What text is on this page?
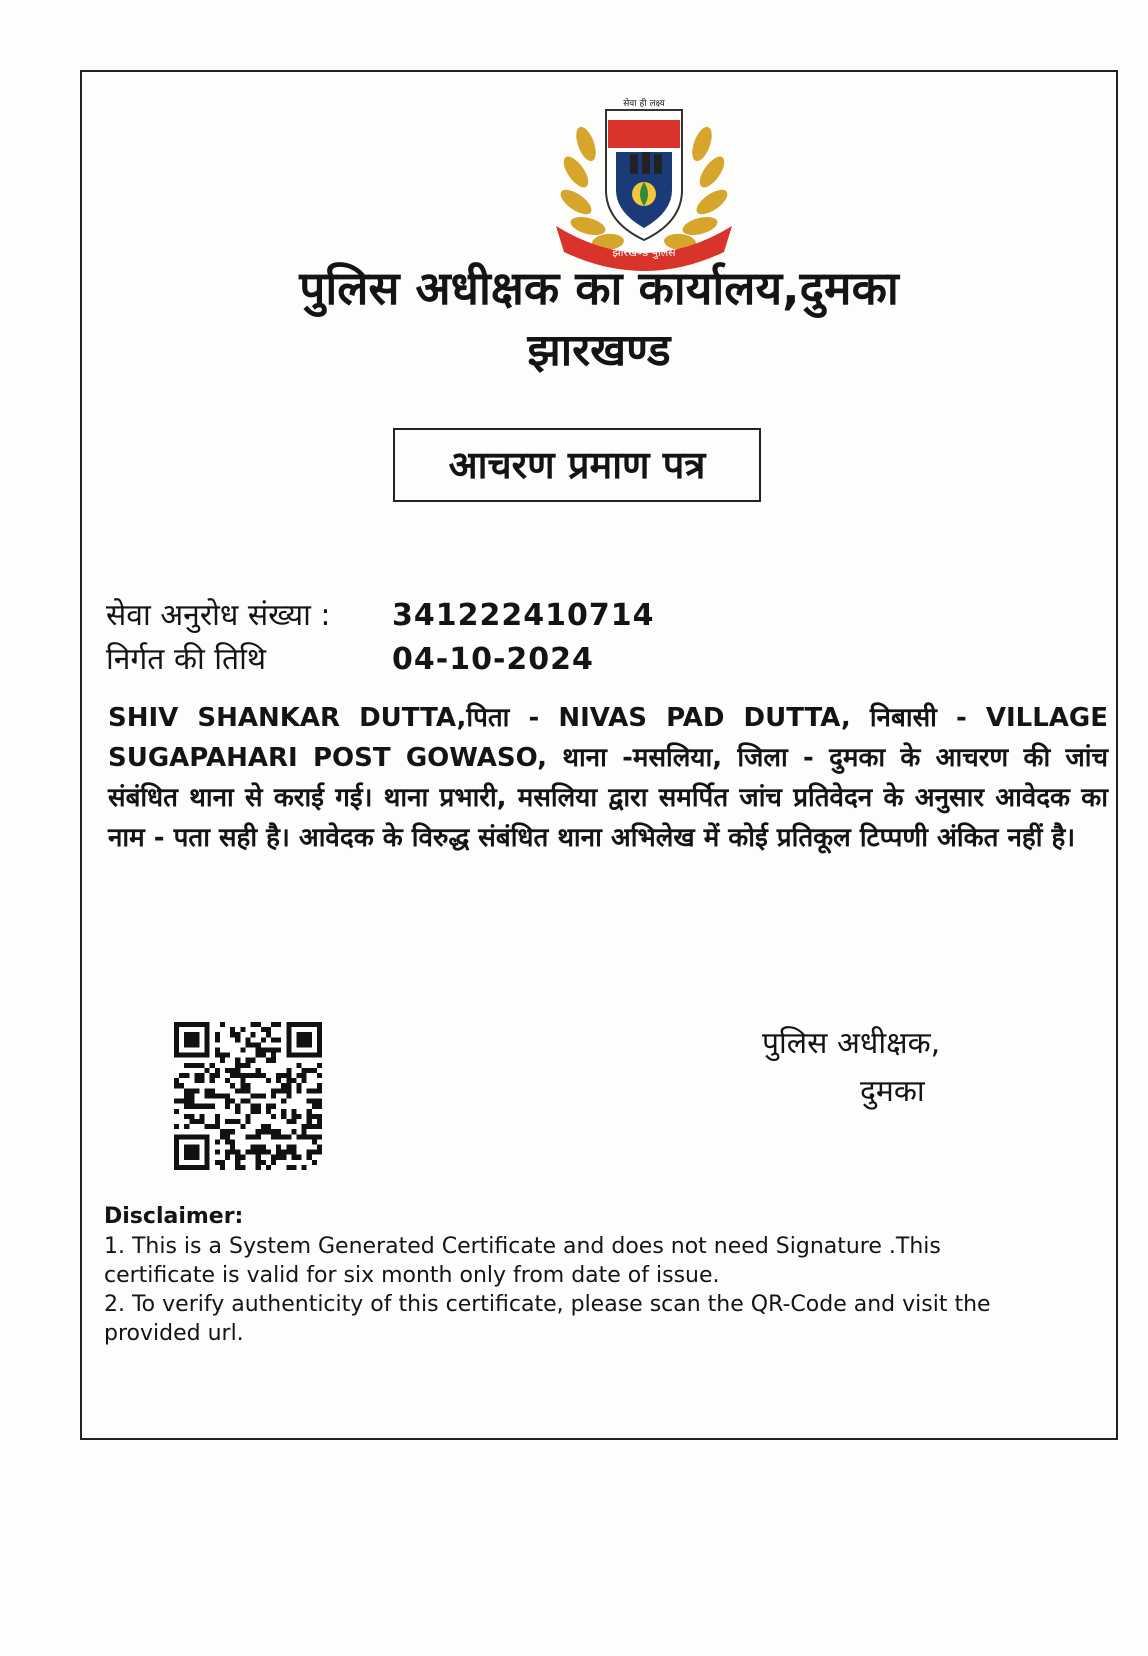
सेवा ही लक्ष्य
झारखण्ड पुलिस
पुलिस अधीक्षक का कार्यालय,दुमका
झारखण्ड
आचरण प्रमाण पत्र
सेवा अनुरोध संख्या : 341222410714
निर्गत की तिथि	04-10-2024

SHIV SHANKAR DUTTA,पिता - NIVAS PAD DUTTA, निबासी - VILLAGE SUGAPAHARI POST GOWASO, थाना -मसलिया, जिला - दुमका के आचरण की जांच संबंधित थाना से कराई गई। थाना प्रभारी, मसलिया द्वारा समर्पित जांच प्रतिवेदन के अनुसार आवेदक का नाम - पता सही है। आवेदक के विरुद्ध संबंधित थाना अभिलेख में कोई प्रतिकूल टिप्पणी अंकित नहीं है।

पुलिस अधीक्षक,
दुमका
Disclaimer:

1. This is a System Generated Certificate and does not need Signature .This certificate is valid for six month only from date of issue.

2. To verify authenticity of this certificate, please scan the QR-Code and visit the provided url.
